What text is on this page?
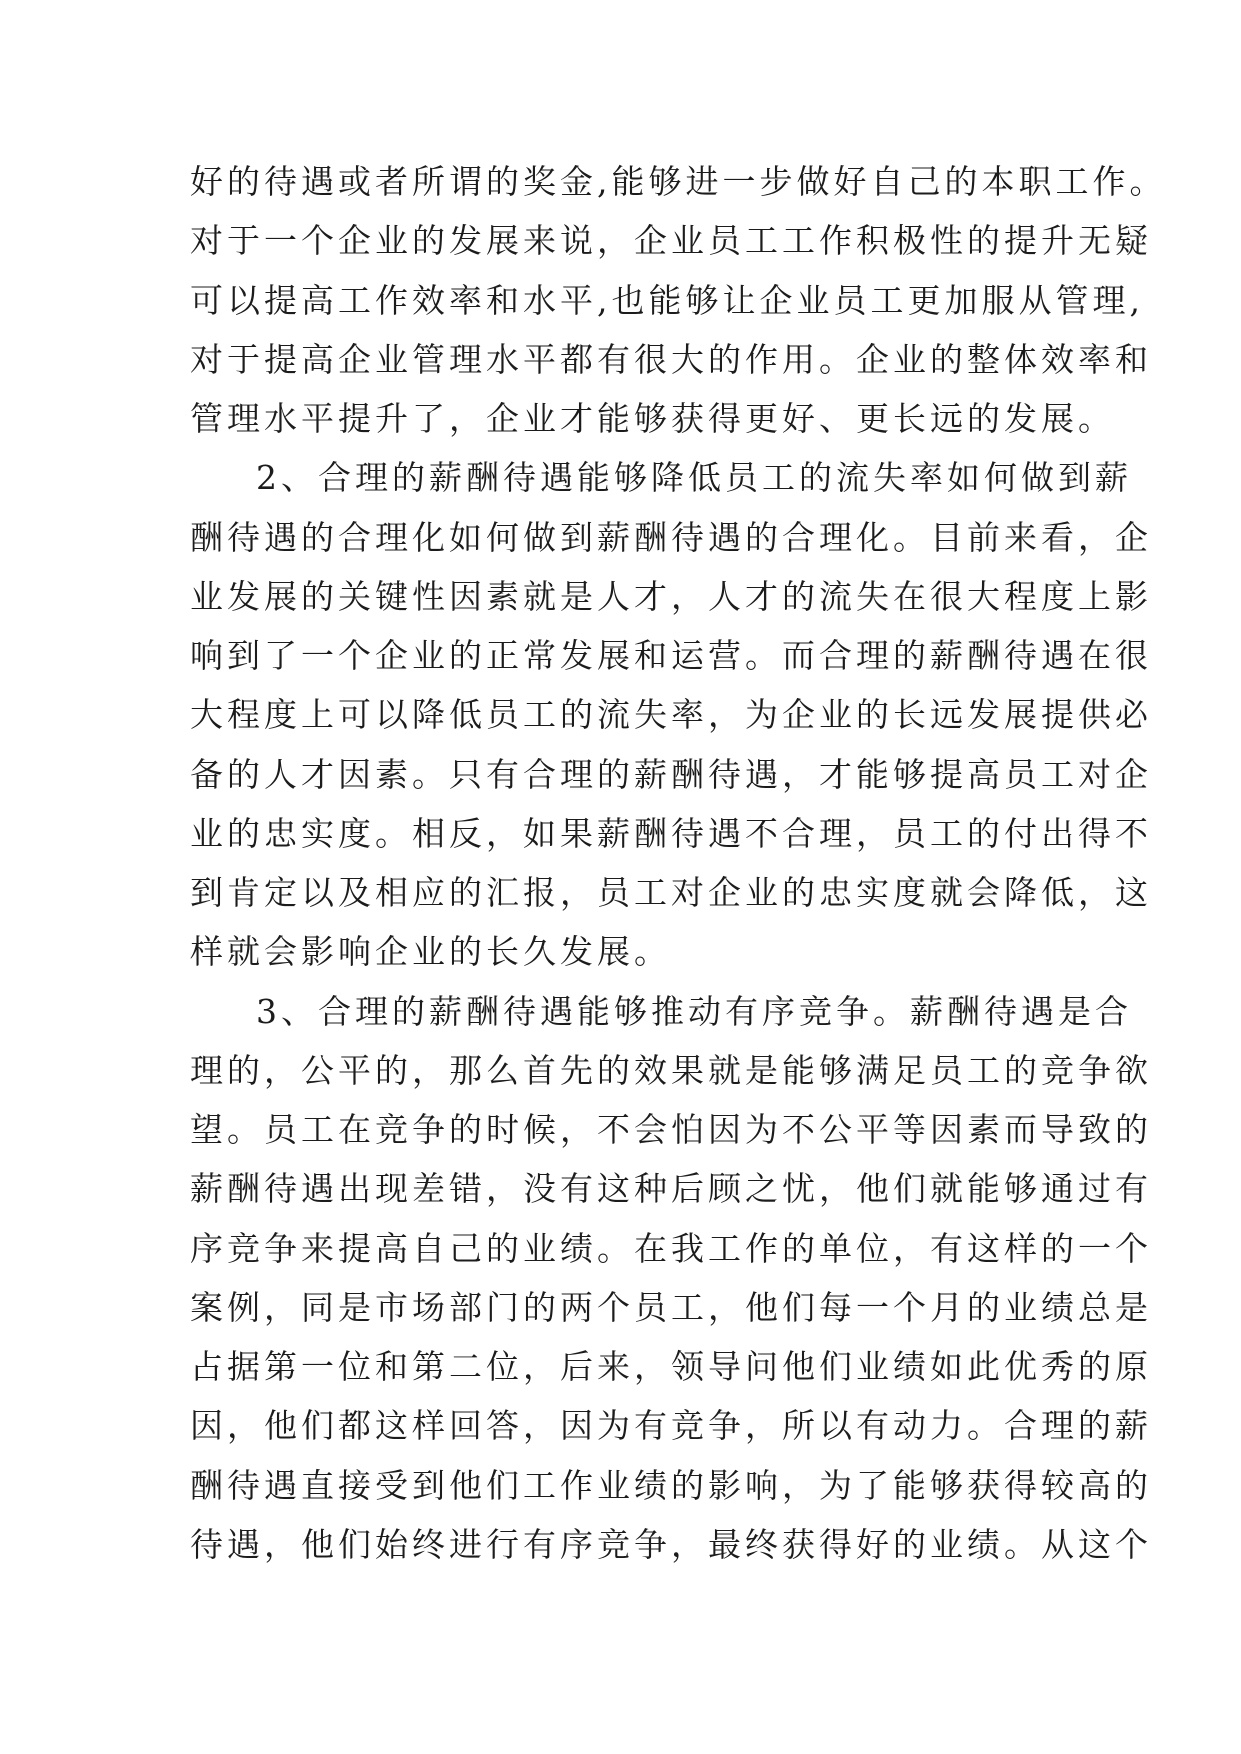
好的待遇或者所谓的奖金,能够进一步做好自己的本职工作。
对于一个企业的发展来说，企业员工工作积极性的提升无疑
可以提高工作效率和水平,也能够让企业员工更加服从管理,
对于提高企业管理水平都有很大的作用。企业的整体效率和
管理水平提升了，企业才能够获得更好、更长远的发展。
2、合理的薪酬待遇能够降低员工的流失率如何做到薪
酬待遇的合理化如何做到薪酬待遇的合理化。目前来看，企
业发展的关键性因素就是人才，人才的流失在很大程度上影
响到了一个企业的正常发展和运营。而合理的薪酬待遇在很
大程度上可以降低员工的流失率，为企业的长远发展提供必
备的人才因素。只有合理的薪酬待遇，才能够提高员工对企
业的忠实度。相反，如果薪酬待遇不合理，员工的付出得不
到肯定以及相应的汇报，员工对企业的忠实度就会降低，这
样就会影响企业的长久发展。
3、合理的薪酬待遇能够推动有序竞争。薪酬待遇是合
理的，公平的，那么首先的效果就是能够满足员工的竞争欲
望。员工在竞争的时候，不会怕因为不公平等因素而导致的
薪酬待遇出现差错，没有这种后顾之忧，他们就能够通过有
序竞争来提高自己的业绩。在我工作的单位，有这样的一个
案例，同是市场部门的两个员工，他们每一个月的业绩总是
占据第一位和第二位，后来，领导问他们业绩如此优秀的原
因，他们都这样回答，因为有竞争，所以有动力。合理的薪
酬待遇直接受到他们工作业绩的影响，为了能够获得较高的
待遇，他们始终进行有序竞争，最终获得好的业绩。从这个
